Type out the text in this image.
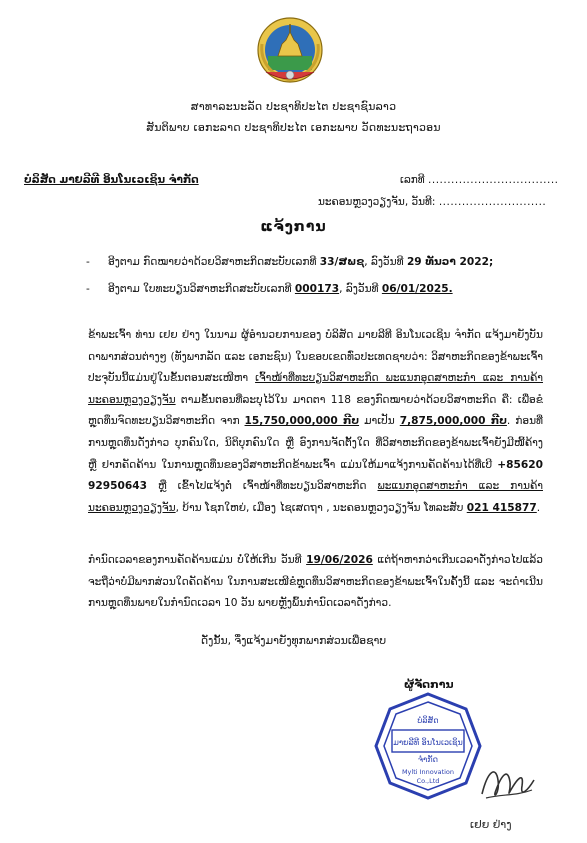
ສາທາລະນະລັດ ປະຊາທິປະໄຕ ປະຊາຊົນລາວ
ສັນຕິພາບ ເອກະລາດ ປະຊາທິປະໄຕ ເອກະພາບ ວັດທະນະຖາວອນ
ບໍລິສັດ ມາຍລີທີ ອິນໂນເວເຊິນ ຈຳກັດ	ເລກທີ ..................................
ນະຄອນຫຼວງວຽງຈັນ, ວັນທີ: ............................
ແຈ້ງການ
- ອີງຕາມ ກົດໝາຍວ່າດ້ວຍວິສາຫະກິດສະບັບເລກທີ 33/ສພຊ, ລົງວັນທີ 29 ທັນວາ 2022;
- ອີງຕາມ ໃບທະບຽນວິສາຫະກິດສະບັບເລກທີ 000173, ລົງວັນທີ 06/01/2025.
ຂ້າພະເຈົ້າ ທ່ານ ເຢຍ ຢ່າງ ໃນນາມ ຜູ້ອຳນວຍການຂອງ ບໍລິສັດ ມາຍລີທີ ອິນໂນເວເຊິນ ຈຳກັດ ແຈ້ງມາຍັງບັນ ດາພາກສ່ວນຕ່າງໆ (ທັງພາກລັດ ແລະ ເອກະຊົນ) ໃນຂອບເຂດທົ່ວປະເທດຊາບວ່າ: ວິສາຫະກິດຂອງຂ້າພະເຈົ້າ ປະຈຸບັນນີ້ແມ່ນຢູ່ໃນຂັ້ນຕອນສະເໜີຫາ ເຈົ້າໜ້າທີ່ທະບຽນວິສາຫະກິດ ພະແນກອຸດສາຫະກຳ ແລະ ການຄ້າ ນະຄອນຫຼວງວຽງຈັນ ຕາມຂັ້ນຕອນທີ່ລະບຸໄວ້ໃນ ມາດຕາ 118 ຂອງກົດໝາຍວ່າດ້ວຍວິສາຫະກິດ ຄື: ເພື່ອຂໍຫຼຸດທຶນຈົດທະບຽນວິສາຫະກິດ ຈາກ 15,750,000,000 ກີບ ມາເປັນ 7,875,000,000 ກີບ. ກ່ອນທີ່ການຫຼຸດທຶນດັ່ງກ່າວ ບຸກຄົນໃດ, ນິຕິບຸກຄົນໃດ ຫຼື ອົງການຈັດຕັ້ງໃດ ທີ່ວິສາຫະກິດຂອງຂ້າພະເຈົ້າຍັງມີໜີ້ຄ້າງ ຫຼື ຢາກຄັດຄ້ານ ໃນການຫຼຸດທຶນຂອງວິສາຫະກິດຂ້າພະເຈົ້າ ແມ່ນໃຫ້ມາແຈ້ງການຄັດຄ້ານໄດ້ທີ່ເບີ +85620 92950643 ຫຼື ເຂົ້າໄປແຈ້ງຕໍ່ ເຈົ້າໜ້າທີ່ທະບຽນວິສາຫະກິດ ພະແນກອຸດສາຫະກຳ ແລະ ການຄ້າ ນະຄອນຫຼວງວຽງຈັນ, ບ້ານ ໂຊກໃຫຍ່, ເມືອງ ໄຊເສດຖາ , ນະຄອນຫຼວງວຽງຈັນ ໂທລະສັບ 021 415877.
ກຳນົດເວລາຂອງການຄັດຄ້ານແມ່ນ ບໍ່ໃຫ້ເກີນ ວັນທີ 19/06/2026 ແຕ່ຖ້າຫາກວ່າເກີນເວລາດັ່ງກ່າວໄປແລ້ວຈະຖືວ່າບໍ່ມີພາກສ່ວນໃດຄັດຄ້ານ ໃນການສະເໜີຂໍຫຼຸດທຶນວິສາຫະກິດຂອງຂ້າພະເຈົ້າໃນຄັ້ງນີ້ ແລະ ຈະດຳເນີນການຫຼຸດທຶນພາຍໃນກຳນົດເວລາ 10 ວັນ ພາຍຫຼັງພົ້ນກຳນົດເວລາດັ່ງກ່າວ.
ດັ່ງນັ້ນ, ຈຶ່ງແຈ້ງມາຍັງທຸກພາກສ່ວນເພື່ອຊາບ
ຜູ້ຈັດການ
ບໍລິສັດ
ມາຍລີທີ ອິນໂນເວເຊິນ
ຈຳກັດ
Mylti Innovation
Co.,Ltd
ເຢຍ ຢ່າງ
